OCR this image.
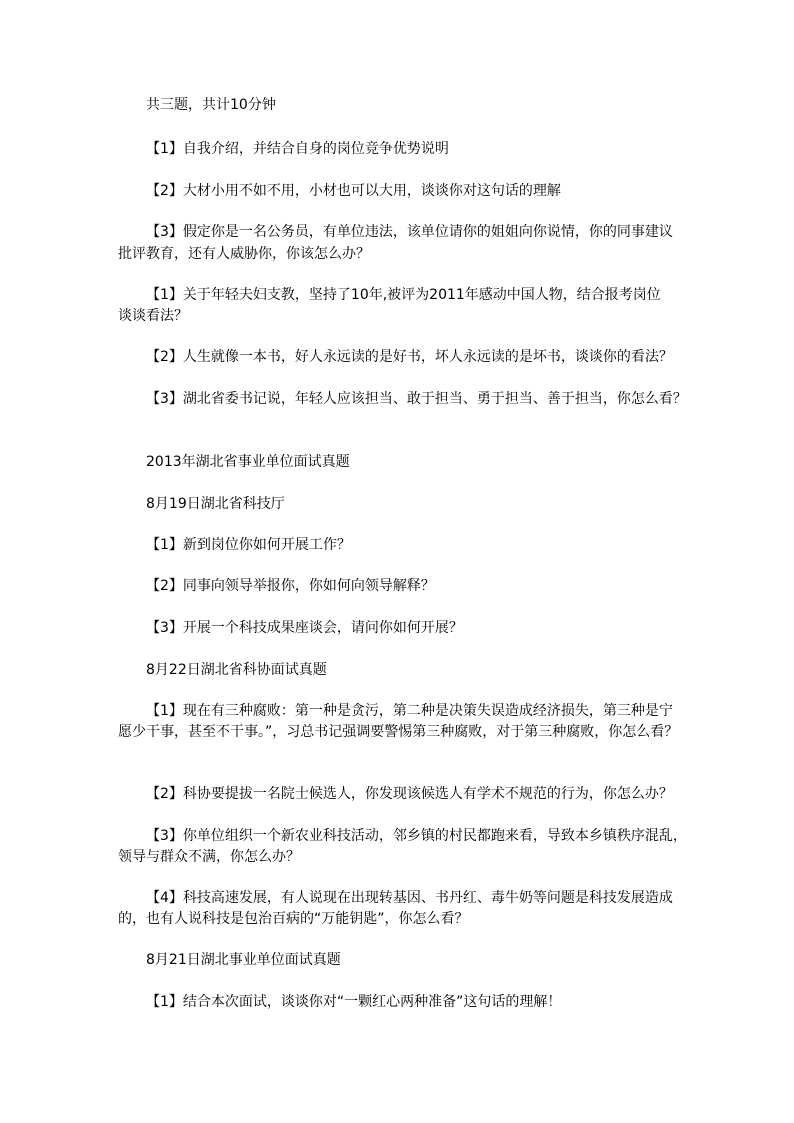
共三题，共计10分钟
【1】自我介绍，并结合自身的岗位竞争优势说明
【2】大材小用不如不用，小材也可以大用，谈谈你对这句话的理解
【3】假定你是一名公务员，有单位违法，该单位请你的姐姐向你说情，你的同事建议
批评教育，还有人威胁你，你该怎么办？
【1】关于年轻夫妇支教，坚持了10年,被评为2011年感动中国人物，结合报考岗位
谈谈看法？
【2】人生就像一本书，好人永远读的是好书，坏人永远读的是坏书，谈谈你的看法？
【3】湖北省委书记说，年轻人应该担当、敢于担当、勇于担当、善于担当，你怎么看？
2013年湖北省事业单位面试真题
8月19日湖北省科技厅
【1】新到岗位你如何开展工作？
【2】同事向领导举报你，你如何向领导解释？
【3】开展一个科技成果座谈会，请问你如何开展？
8月22日湖北省科协面试真题
【1】现在有三种腐败：第一种是贪污，第二种是决策失误造成经济损失，第三种是宁
愿少干事，甚至不干事。”，习总书记强调要警惕第三种腐败，对于第三种腐败，你怎么看？
【2】科协要提拔一名院士候选人，你发现该候选人有学术不规范的行为，你怎么办？
【3】你单位组织一个新农业科技活动，邻乡镇的村民都跑来看，导致本乡镇秩序混乱，
领导与群众不满，你怎么办？
【4】科技高速发展，有人说现在出现转基因、书丹红、毒牛奶等问题是科技发展造成
的，也有人说科技是包治百病的“万能钥匙”，你怎么看？
8月21日湖北事业单位面试真题
【1】结合本次面试，谈谈你对“一颗红心两种准备”这句话的理解！
